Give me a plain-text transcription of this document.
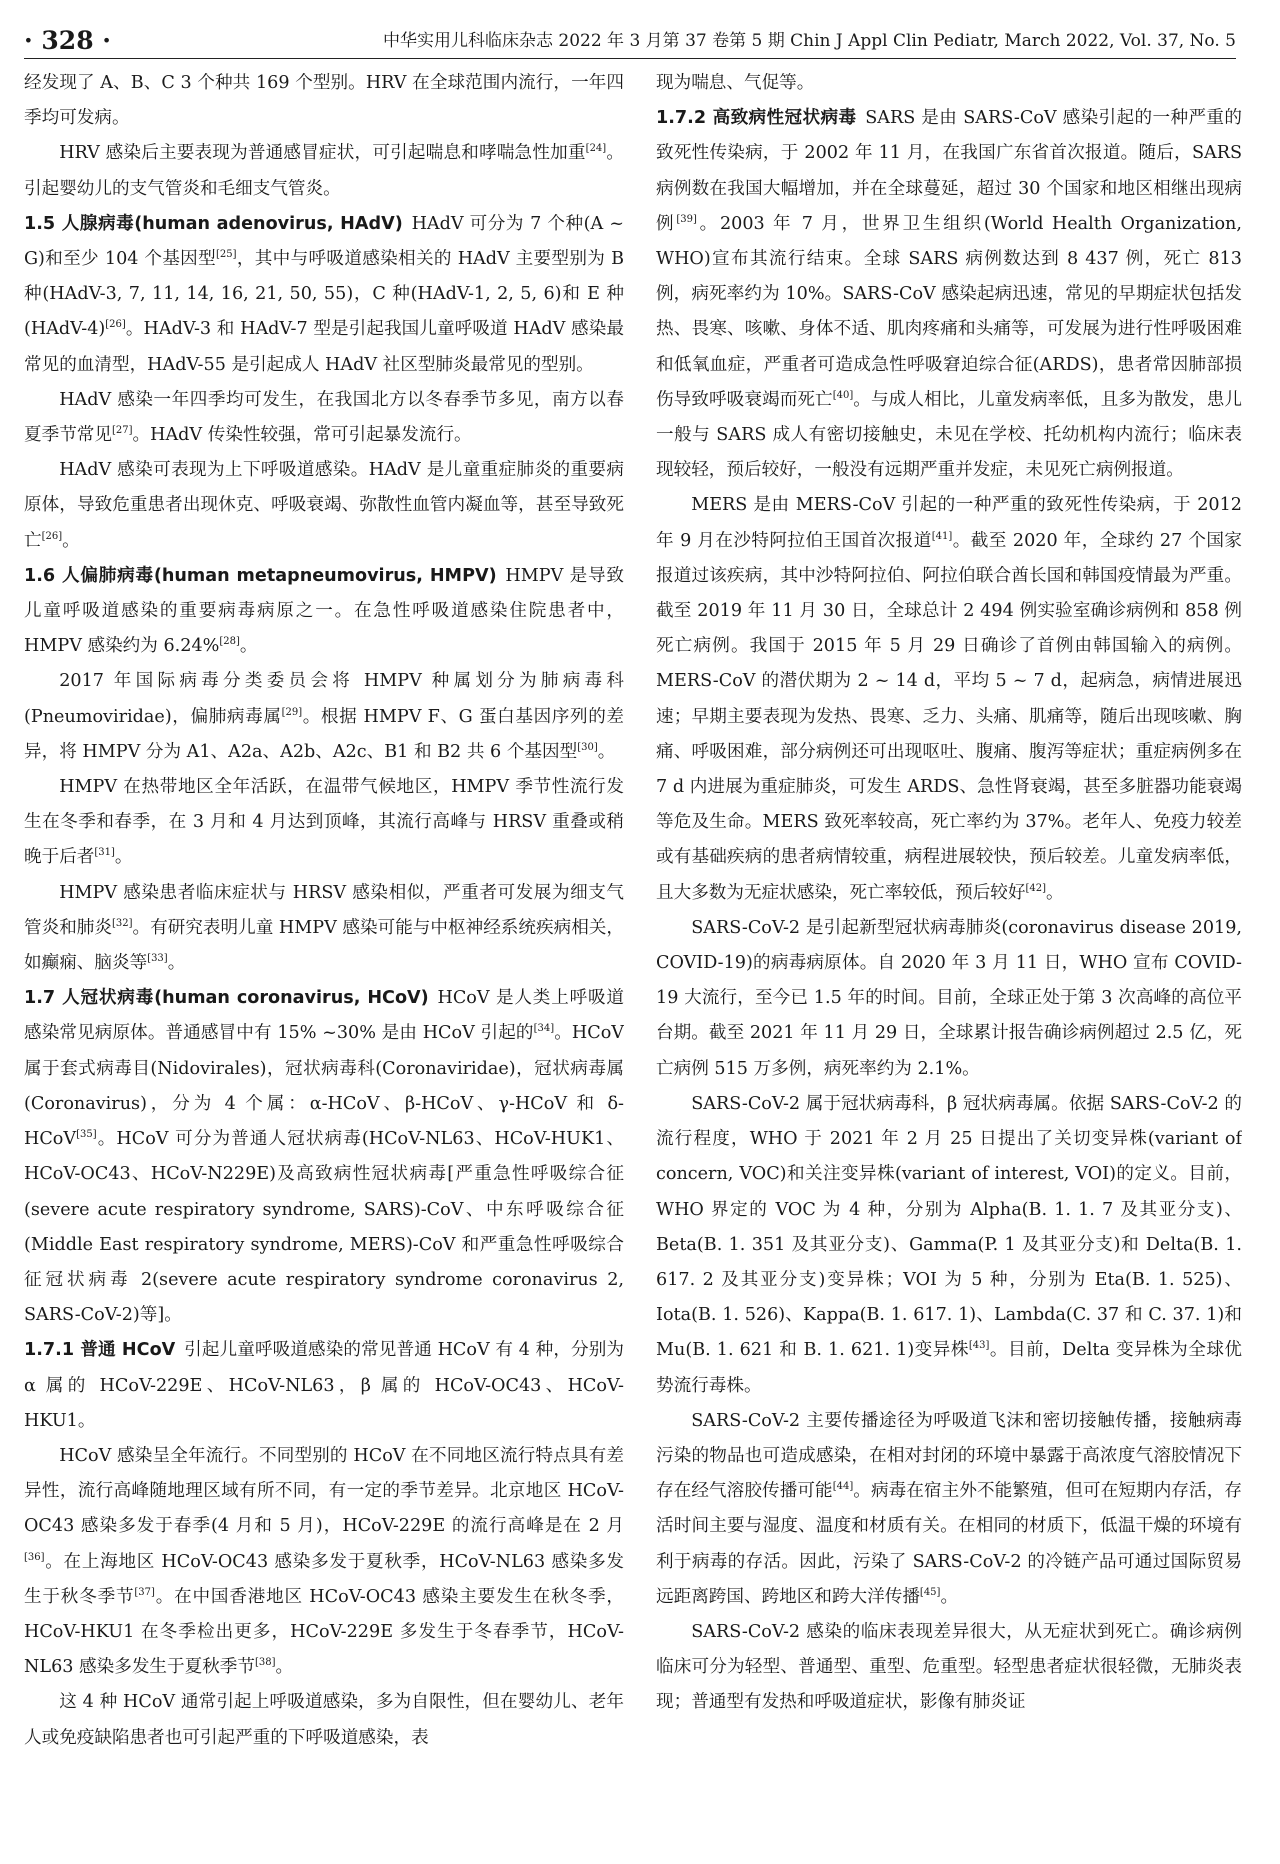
· 328 ·	中华实用儿科临床杂志 2022 年 3 月第 37 卷第 5 期 Chin J Appl Clin Pediatr, March 2022, Vol. 37, No. 5

经发现了 A、B、C 3 个种共 169 个型别。HRV 在全球范围内流行，一年四季均可发病。

HRV 感染后主要表现为普通感冒症状，可引起喘息和哮喘急性加重[24]。引起婴幼儿的支气管炎和毛细支气管炎。

1.5 人腺病毒(human adenovirus, HAdV) HAdV 可分为 7 个种(A ~ G)和至少 104 个基因型[25]，其中与呼吸道感染相关的 HAdV 主要型别为 B 种(HAdV-3, 7, 11, 14, 16, 21, 50, 55)，C 种(HAdV-1, 2, 5, 6)和 E 种(HAdV-4)[26]。HAdV-3 和 HAdV-7 型是引起我国儿童呼吸道 HAdV 感染最常见的血清型，HAdV-55 是引起成人 HAdV 社区型肺炎最常见的型别。

HAdV 感染一年四季均可发生，在我国北方以冬春季节多见，南方以春夏季节常见[27]。HAdV 传染性较强，常可引起暴发流行。

HAdV 感染可表现为上下呼吸道感染。HAdV 是儿童重症肺炎的重要病原体，导致危重患者出现休克、呼吸衰竭、弥散性血管内凝血等，甚至导致死亡[26]。

1.6 人偏肺病毒(human metapneumovirus, HMPV) HMPV 是导致儿童呼吸道感染的重要病毒病原之一。在急性呼吸道感染住院患者中，HMPV 感染约为 6.24%[28]。

2017 年国际病毒分类委员会将 HMPV 种属划分为肺病毒科(Pneumoviridae)，偏肺病毒属[29]。根据 HMPV F、G 蛋白基因序列的差异，将 HMPV 分为 A1、A2a、A2b、A2c、B1 和 B2 共 6 个基因型[30]。

HMPV 在热带地区全年活跃，在温带气候地区，HMPV 季节性流行发生在冬季和春季，在 3 月和 4 月达到顶峰，其流行高峰与 HRSV 重叠或稍晚于后者[31]。

HMPV 感染患者临床症状与 HRSV 感染相似，严重者可发展为细支气管炎和肺炎[32]。有研究表明儿童 HMPV 感染可能与中枢神经系统疾病相关，如癫痫、脑炎等[33]。

1.7 人冠状病毒(human coronavirus, HCoV) HCoV 是人类上呼吸道感染常见病原体。普通感冒中有 15% ~30% 是由 HCoV 引起的[34]。HCoV 属于套式病毒目(Nidovirales)，冠状病毒科(Coronaviridae)，冠状病毒属(Coronavirus)，分为 4 个属：α-HCoV、β-HCoV、γ-HCoV 和 δ-HCoV[35]。HCoV 可分为普通人冠状病毒(HCoV-NL63、HCoV-HUK1、HCoV-OC43、HCoV-N229E)及高致病性冠状病毒[严重急性呼吸综合征(severe acute respiratory syndrome, SARS)-CoV、中东呼吸综合征(Middle East respiratory syndrome, MERS)-CoV 和严重急性呼吸综合征冠状病毒 2(severe acute respiratory syndrome coronavirus 2, SARS-CoV-2)等]。

1.7.1 普通 HCoV 引起儿童呼吸道感染的常见普通 HCoV 有 4 种，分别为 α 属的 HCoV-229E、HCoV-NL63，β 属的 HCoV-OC43、HCoV- HKU1。

HCoV 感染呈全年流行。不同型别的 HCoV 在不同地区流行特点具有差异性，流行高峰随地理区域有所不同，有一定的季节差异。北京地区 HCoV-OC43 感染多发于春季(4 月和 5 月)，HCoV-229E 的流行高峰是在 2 月[36]。在上海地区 HCoV-OC43 感染多发于夏秋季，HCoV-NL63 感染多发生于秋冬季节[37]。在中国香港地区 HCoV-OC43 感染主要发生在秋冬季，HCoV-HKU1 在冬季检出更多，HCoV-229E 多发生于冬春季节，HCoV-NL63 感染多发生于夏秋季节[38]。

这 4 种 HCoV 通常引起上呼吸道感染，多为自限性，但在婴幼儿、老年人或免疫缺陷患者也可引起严重的下呼吸道感染，表

现为喘息、气促等。

1.7.2 高致病性冠状病毒 SARS 是由 SARS-CoV 感染引起的一种严重的致死性传染病，于 2002 年 11 月，在我国广东省首次报道。随后，SARS 病例数在我国大幅增加，并在全球蔓延，超过 30 个国家和地区相继出现病例[39]。2003 年 7 月，世界卫生组织(World Health Organization, WHO)宣布其流行结束。全球 SARS 病例数达到 8 437 例，死亡 813 例，病死率约为 10%。SARS-CoV 感染起病迅速，常见的早期症状包括发热、畏寒、咳嗽、身体不适、肌肉疼痛和头痛等，可发展为进行性呼吸困难和低氧血症，严重者可造成急性呼吸窘迫综合征(ARDS)，患者常因肺部损伤导致呼吸衰竭而死亡[40]。与成人相比，儿童发病率低，且多为散发，患儿一般与 SARS 成人有密切接触史，未见在学校、托幼机构内流行；临床表现较轻，预后较好，一般没有远期严重并发症，未见死亡病例报道。

MERS 是由 MERS-CoV 引起的一种严重的致死性传染病，于 2012 年 9 月在沙特阿拉伯王国首次报道[41]。截至 2020 年，全球约 27 个国家报道过该疾病，其中沙特阿拉伯、阿拉伯联合酋长国和韩国疫情最为严重。截至 2019 年 11 月 30 日，全球总计 2 494 例实验室确诊病例和 858 例死亡病例。我国于 2015 年 5 月 29 日确诊了首例由韩国输入的病例。MERS-CoV 的潜伏期为 2 ~ 14 d，平均 5 ~ 7 d，起病急，病情进展迅速；早期主要表现为发热、畏寒、乏力、头痛、肌痛等，随后出现咳嗽、胸痛、呼吸困难，部分病例还可出现呕吐、腹痛、腹泻等症状；重症病例多在 7 d 内进展为重症肺炎，可发生 ARDS、急性肾衰竭，甚至多脏器功能衰竭等危及生命。MERS 致死率较高，死亡率约为 37%。老年人、免疫力较差或有基础疾病的患者病情较重，病程进展较快，预后较差。儿童发病率低，且大多数为无症状感染，死亡率较低，预后较好[42]。

SARS-CoV-2 是引起新型冠状病毒肺炎(coronavirus disease 2019, COVID-19)的病毒病原体。自 2020 年 3 月 11 日，WHO 宣布 COVID-19 大流行，至今已 1.5 年的时间。目前，全球正处于第 3 次高峰的高位平台期。截至 2021 年 11 月 29 日，全球累计报告确诊病例超过 2.5 亿，死亡病例 515 万多例，病死率约为 2.1%。

SARS-CoV-2 属于冠状病毒科，β 冠状病毒属。依据 SARS-CoV-2 的流行程度，WHO 于 2021 年 2 月 25 日提出了关切变异株(variant of concern, VOC)和关注变异株(variant of interest, VOI)的定义。目前，WHO 界定的 VOC 为 4 种，分别为 Alpha(B. 1. 1. 7 及其亚分支)、Beta(B. 1. 351 及其亚分支)、Gamma(P. 1 及其亚分支)和 Delta(B. 1. 617. 2 及其亚分支)变异株；VOI 为 5 种，分别为 Eta(B. 1. 525)、Iota(B. 1. 526)、Kappa(B. 1. 617. 1)、Lambda(C. 37 和 C. 37. 1)和 Mu(B. 1. 621 和 B. 1. 621. 1)变异株[43]。目前，Delta 变异株为全球优势流行毒株。

SARS-CoV-2 主要传播途径为呼吸道飞沫和密切接触传播，接触病毒污染的物品也可造成感染，在相对封闭的环境中暴露于高浓度气溶胶情况下存在经气溶胶传播可能[44]。病毒在宿主外不能繁殖，但可在短期内存活，存活时间主要与湿度、温度和材质有关。在相同的材质下，低温干燥的环境有利于病毒的存活。因此，污染了 SARS-CoV-2 的冷链产品可通过国际贸易远距离跨国、跨地区和跨大洋传播[45]。

SARS-CoV-2 感染的临床表现差异很大，从无症状到死亡。确诊病例临床可分为轻型、普通型、重型、危重型。轻型患者症状很轻微，无肺炎表现；普通型有发热和呼吸道症状，影像有肺炎证
